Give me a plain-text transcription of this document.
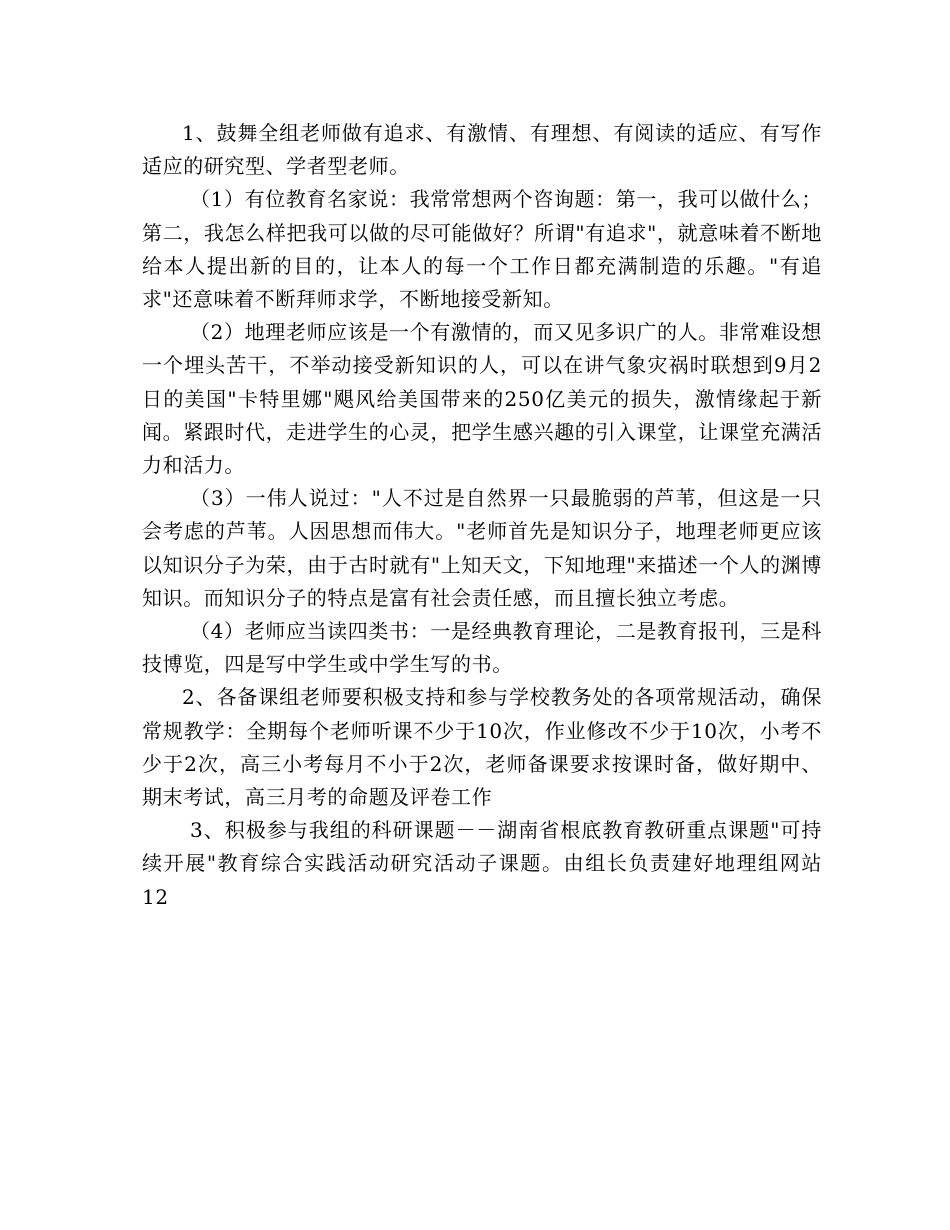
1、鼓舞全组老师做有追求、有激情、有理想、有阅读的适应、有写作适应的研究型、学者型老师。

（1）有位教育名家说：我常常想两个咨询题：第一，我可以做什么；第二，我怎么样把我可以做的尽可能做好？所谓"有追求"，就意味着不断地给本人提出新的目的，让本人的每一个工作日都充满制造的乐趣。"有追求"还意味着不断拜师求学，不断地接受新知。

（2）地理老师应该是一个有激情的，而又见多识广的人。非常难设想一个埋头苦干，不举动接受新知识的人，可以在讲气象灾祸时联想到9月2日的美国"卡特里娜"飓风给美国带来的250亿美元的损失，激情缘起于新闻。紧跟时代，走进学生的心灵，把学生感兴趣的引入课堂，让课堂充满活力和活力。

（3）一伟人说过："人不过是自然界一只最脆弱的芦苇，但这是一只会考虑的芦苇。人因思想而伟大。"老师首先是知识分子，地理老师更应该以知识分子为荣，由于古时就有"上知天文，下知地理"来描述一个人的渊博知识。而知识分子的特点是富有社会责任感，而且擅长独立考虑。

（4）老师应当读四类书：一是经典教育理论，二是教育报刊，三是科技博览，四是写中学生或中学生写的书。

2、各备课组老师要积极支持和参与学校教务处的各项常规活动，确保常规教学：全期每个老师听课不少于10次，作业修改不少于10次，小考不少于2次，高三小考每月不小于2次，老师备课要求按课时备，做好期中、期末考试，高三月考的命题及评卷工作

3、积极参与我组的科研课题－－湖南省根底教育教研重点课题"可持续开展"教育综合实践活动研究活动子课题。由组长负责建好地理组网站　　12
